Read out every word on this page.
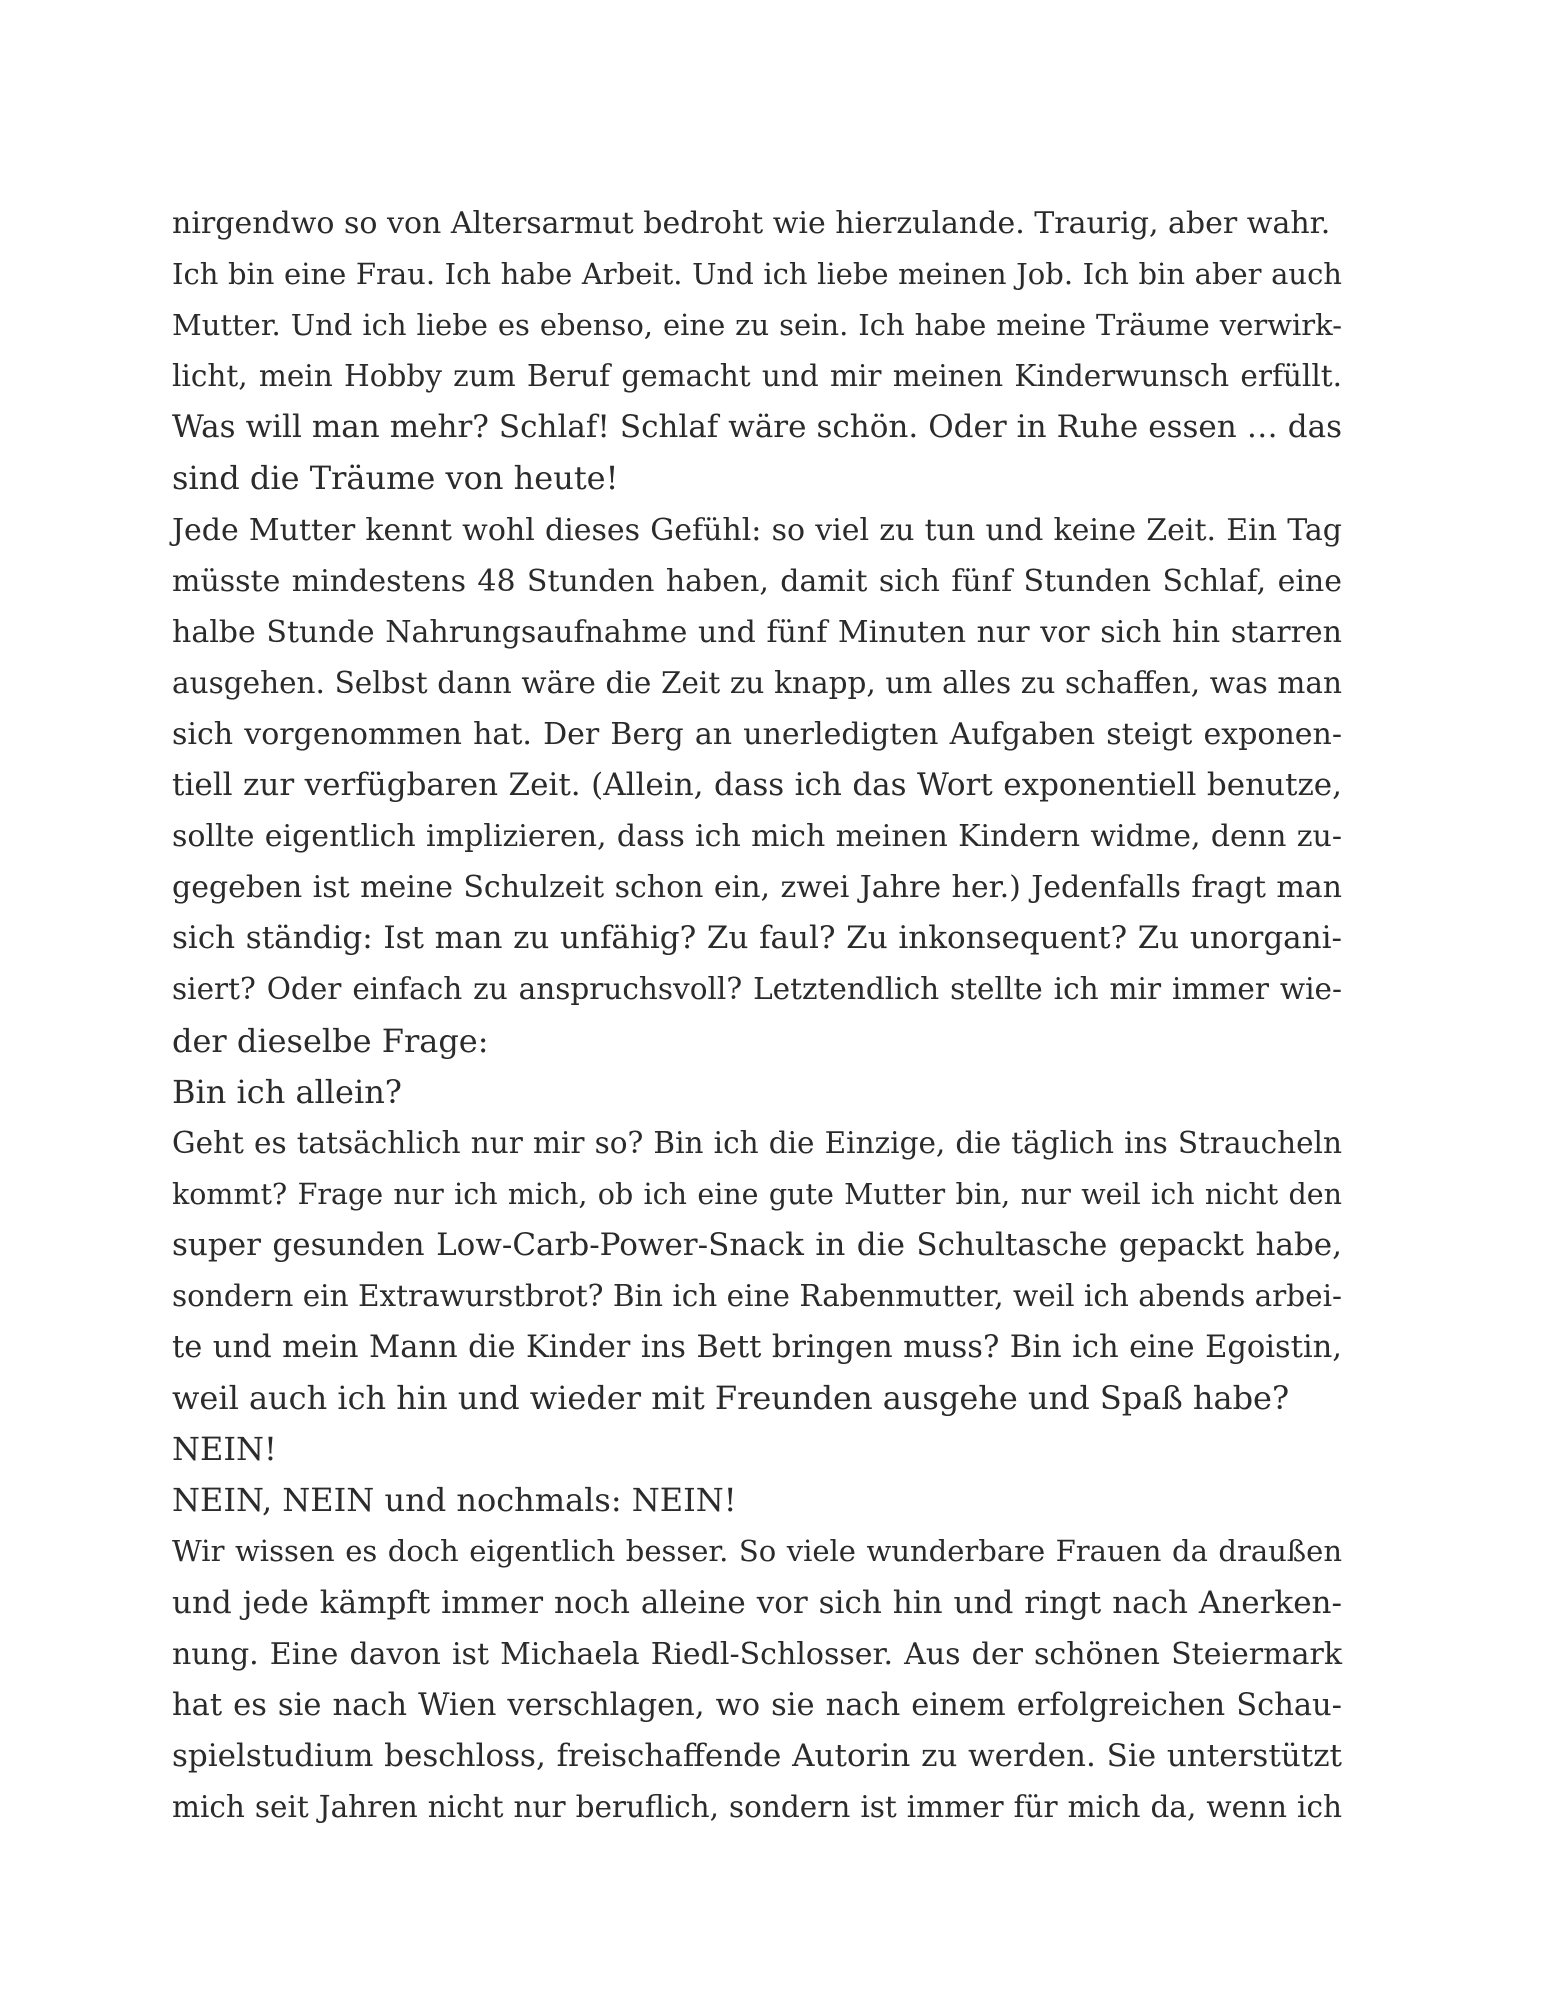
nirgendwo so von Altersarmut bedroht wie hierzulande. Traurig, aber wahr.
Ich bin eine Frau. Ich habe Arbeit. Und ich liebe meinen Job. Ich bin aber auch
Mutter. Und ich liebe es ebenso, eine zu sein. Ich habe meine Träume verwirk-
licht, mein Hobby zum Beruf gemacht und mir meinen Kinderwunsch erfüllt.
Was will man mehr? Schlaf! Schlaf wäre schön. Oder in Ruhe essen … das
sind die Träume von heute!
Jede Mutter kennt wohl dieses Gefühl: so viel zu tun und keine Zeit. Ein Tag
müsste mindestens 48 Stunden haben, damit sich fünf Stunden Schlaf, eine
halbe Stunde Nahrungsaufnahme und fünf Minuten nur vor sich hin starren
ausgehen. Selbst dann wäre die Zeit zu knapp, um alles zu schaffen, was man
sich vorgenommen hat. Der Berg an unerledigten Aufgaben steigt exponen-
tiell zur verfügbaren Zeit. (Allein, dass ich das Wort exponentiell benutze,
sollte eigentlich implizieren, dass ich mich meinen Kindern widme, denn zu-
gegeben ist meine Schulzeit schon ein, zwei Jahre her.) Jedenfalls fragt man
sich ständig: Ist man zu unfähig? Zu faul? Zu inkonsequent? Zu unorgani-
siert? Oder einfach zu anspruchsvoll? Letztendlich stellte ich mir immer wie-
der dieselbe Frage:
Bin ich allein?
Geht es tatsächlich nur mir so? Bin ich die Einzige, die täglich ins Straucheln
kommt? Frage nur ich mich, ob ich eine gute Mutter bin, nur weil ich nicht den
super gesunden Low-Carb-Power-Snack in die Schultasche gepackt habe,
sondern ein Extrawurstbrot? Bin ich eine Rabenmutter, weil ich abends arbei-
te und mein Mann die Kinder ins Bett bringen muss? Bin ich eine Egoistin,
weil auch ich hin und wieder mit Freunden ausgehe und Spaß habe?
NEIN!
NEIN, NEIN und nochmals: NEIN!
Wir wissen es doch eigentlich besser. So viele wunderbare Frauen da draußen
und jede kämpft immer noch alleine vor sich hin und ringt nach Anerken-
nung. Eine davon ist Michaela Riedl-Schlosser. Aus der schönen Steiermark
hat es sie nach Wien verschlagen, wo sie nach einem erfolgreichen Schau-
spielstudium beschloss, freischaffende Autorin zu werden. Sie unterstützt
mich seit Jahren nicht nur beruflich, sondern ist immer für mich da, wenn ich
